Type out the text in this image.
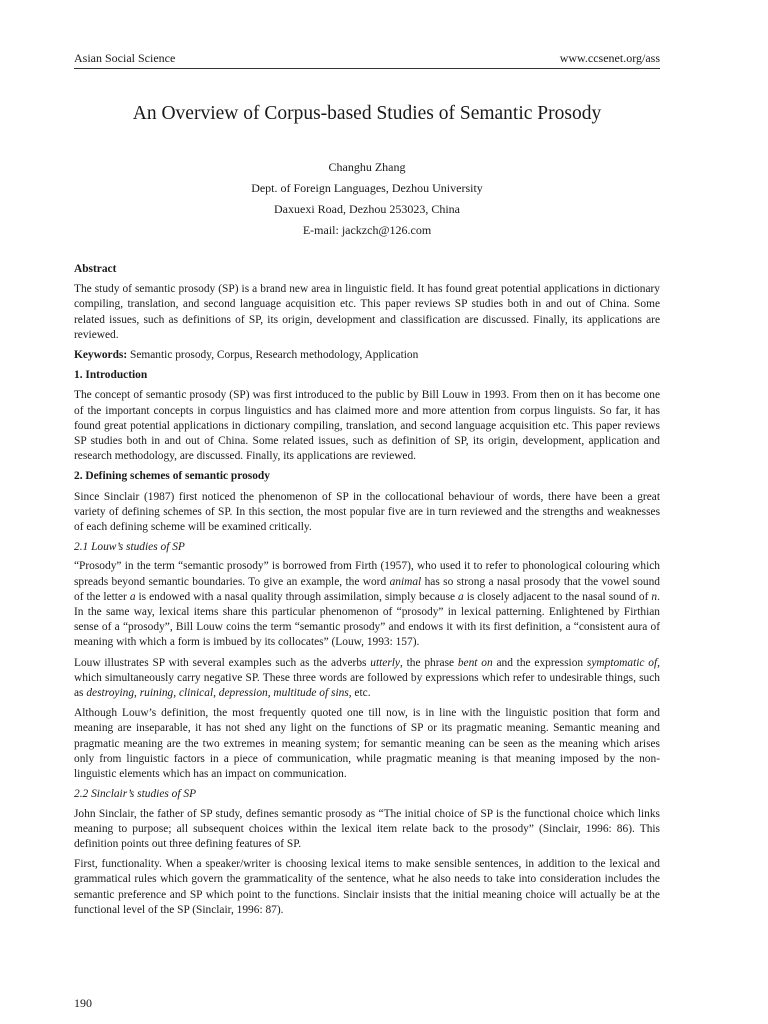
Asian Social Science	www.ccsenet.org/ass
An Overview of Corpus-based Studies of Semantic Prosody
Changhu Zhang
Dept. of Foreign Languages, Dezhou University
Daxuexi Road, Dezhou 253023, China
E-mail: jackzch@126.com
Abstract

The study of semantic prosody (SP) is a brand new area in linguistic field. It has found great potential applications in dictionary compiling, translation, and second language acquisition etc. This paper reviews SP studies both in and out of China. Some related issues, such as definitions of SP, its origin, development and classification are discussed. Finally, its applications are reviewed.

Keywords: Semantic prosody, Corpus, Research methodology, Application

1. Introduction

The concept of semantic prosody (SP) was first introduced to the public by Bill Louw in 1993. From then on it has become one of the important concepts in corpus linguistics and has claimed more and more attention from corpus linguists. So far, it has found great potential applications in dictionary compiling, translation, and second language acquisition etc. This paper reviews SP studies both in and out of China. Some related issues, such as definition of SP, its origin, development, application and research methodology, are discussed. Finally, its applications are reviewed.

2. Defining schemes of semantic prosody

Since Sinclair (1987) first noticed the phenomenon of SP in the collocational behaviour of words, there have been a great variety of defining schemes of SP. In this section, the most popular five are in turn reviewed and the strengths and weaknesses of each defining scheme will be examined critically.

2.1 Louw’s studies of SP

“Prosody” in the term “semantic prosody” is borrowed from Firth (1957), who used it to refer to phonological colouring which spreads beyond semantic boundaries. To give an example, the word animal has so strong a nasal prosody that the vowel sound of the letter a is endowed with a nasal quality through assimilation, simply because a is closely adjacent to the nasal sound of n. In the same way, lexical items share this particular phenomenon of “prosody” in lexical patterning. Enlightened by Firthian sense of a “prosody”, Bill Louw coins the term “semantic prosody” and endows it with its first definition, a “consistent aura of meaning with which a form is imbued by its collocates” (Louw, 1993: 157).

Louw illustrates SP with several examples such as the adverbs utterly, the phrase bent on and the expression symptomatic of, which simultaneously carry negative SP. These three words are followed by expressions which refer to undesirable things, such as destroying, ruining, clinical, depression, multitude of sins, etc.

Although Louw’s definition, the most frequently quoted one till now, is in line with the linguistic position that form and meaning are inseparable, it has not shed any light on the functions of SP or its pragmatic meaning. Semantic meaning and pragmatic meaning are the two extremes in meaning system; for semantic meaning can be seen as the meaning which arises only from linguistic factors in a piece of communication, while pragmatic meaning is that meaning imposed by the non- linguistic elements which has an impact on communication.

2.2 Sinclair’s studies of SP

John Sinclair, the father of SP study, defines semantic prosody as “The initial choice of SP is the functional choice which links meaning to purpose; all subsequent choices within the lexical item relate back to the prosody” (Sinclair, 1996: 86). This definition points out three defining features of SP.

First, functionality. When a speaker/writer is choosing lexical items to make sensible sentences, in addition to the lexical and grammatical rules which govern the grammaticality of the sentence, what he also needs to take into consideration includes the semantic preference and SP which point to the functions. Sinclair insists that the initial meaning choice will actually be at the functional level of the SP (Sinclair, 1996: 87).

190
